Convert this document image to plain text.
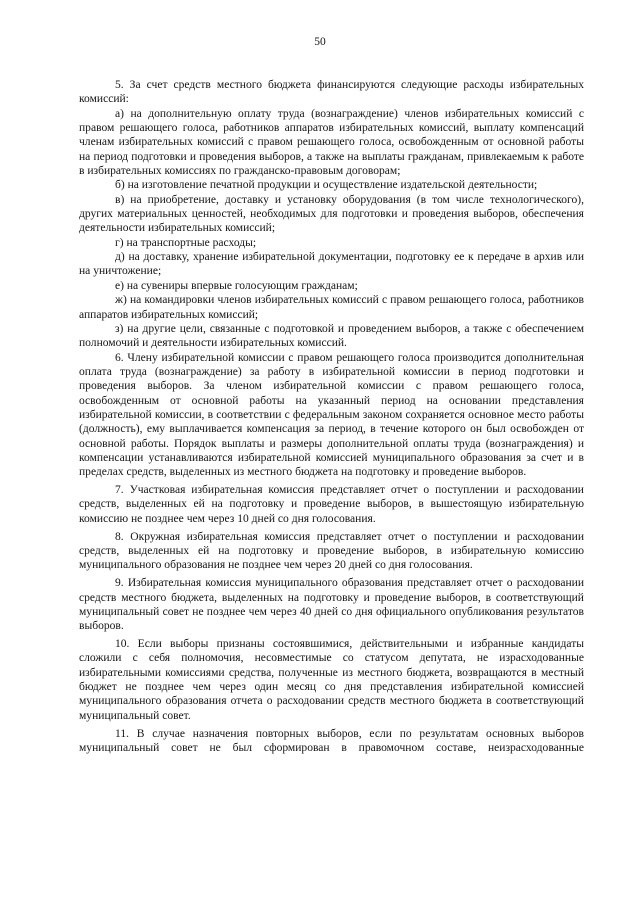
50

5. За счет средств местного бюджета финансируются следующие расходы избирательных комиссий:

а) на дополнительную оплату труда (вознаграждение) членов избирательных комиссий с правом решающего голоса, работников аппаратов избирательных комиссий, выплату компенсаций членам избирательных комиссий с правом решающего голоса, освобожденным от основной работы на период подготовки и проведения выборов, а также на выплаты гражданам, привлекаемым к работе в избирательных комиссиях по гражданско-правовым договорам;

б) на изготовление печатной продукции и осуществление издательской деятельности;

в) на приобретение, доставку и установку оборудования (в том числе технологического), других материальных ценностей, необходимых для подготовки и проведения выборов, обеспечения деятельности избирательных комиссий;

г) на транспортные расходы;

д) на доставку, хранение избирательной документации, подготовку ее к передаче в архив или на уничтожение;

е) на сувениры впервые голосующим гражданам;

ж) на командировки членов избирательных комиссий с правом решающего голоса, работников аппаратов избирательных комиссий;

з) на другие цели, связанные с подготовкой и проведением выборов, а также с обеспечением полномочий и деятельности избирательных комиссий.

6. Члену избирательной комиссии с правом решающего голоса производится дополнительная оплата труда (вознаграждение) за работу в избирательной комиссии в период подготовки и проведения выборов. За членом избирательной комиссии с правом решающего голоса, освобожденным от основной работы на указанный период на основании представления избирательной комиссии, в соответствии с федеральным законом сохраняется основное место работы (должность), ему выплачивается компенсация за период, в течение которого он был освобожден от основной работы. Порядок выплаты и размеры дополнительной оплаты труда (вознаграждения) и компенсации устанавливаются избирательной комиссией муниципального образования за счет и в пределах средств, выделенных из местного бюджета на подготовку и проведение выборов.

7. Участковая избирательная комиссия представляет отчет о поступлении и расходовании средств, выделенных ей на подготовку и проведение выборов, в вышестоящую избирательную комиссию не позднее чем через 10 дней со дня голосования.

8. Окружная избирательная комиссия представляет отчет о поступлении и расходовании средств, выделенных ей на подготовку и проведение выборов, в избирательную комиссию муниципального образования не позднее чем через 20 дней со дня голосования.

9. Избирательная комиссия муниципального образования представляет отчет о расходовании средств местного бюджета, выделенных на подготовку и проведение выборов, в соответствующий муниципальный совет не позднее чем через 40 дней со дня официального опубликования результатов выборов.

10. Если выборы признаны состоявшимися, действительными и избранные кандидаты сложили с себя полномочия, несовместимые со статусом депутата, не израсходованные избирательными комиссиями средства, полученные из местного бюджета, возвращаются в местный бюджет не позднее чем через один месяц со дня представления избирательной комиссией муниципального образования отчета о расходовании средств местного бюджета в соответствующий муниципальный совет.

11. В случае назначения повторных выборов, если по результатам основных выборов муниципальный совет не был сформирован в правомочном составе, неизрасходованные
